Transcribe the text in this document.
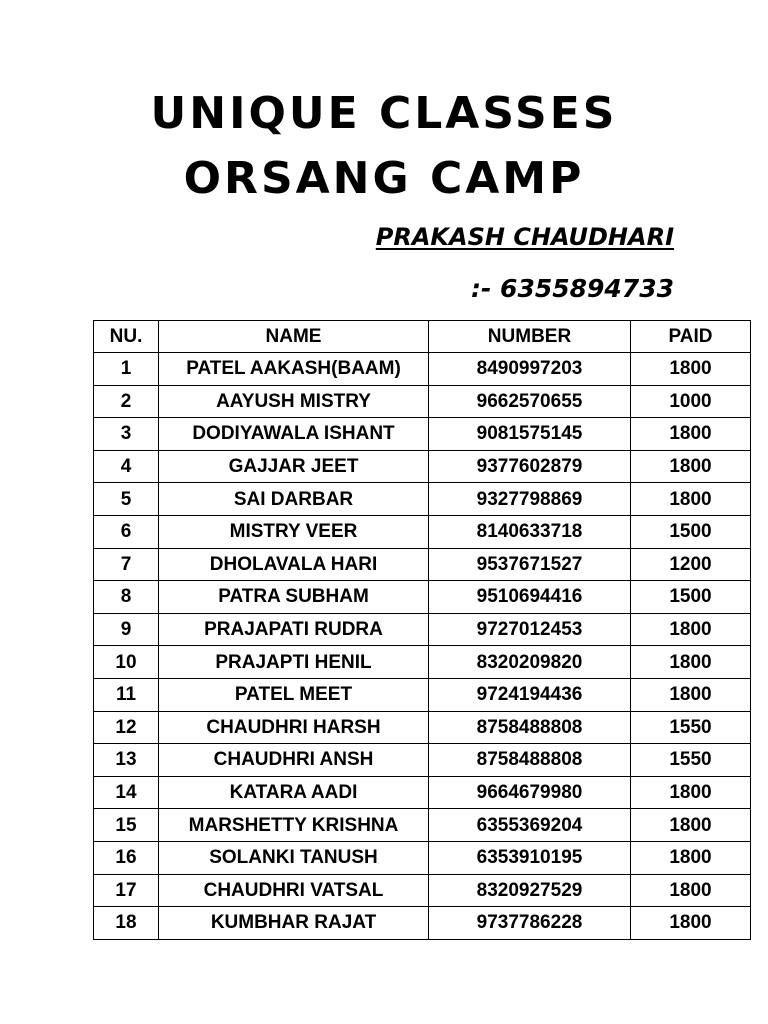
UNIQUE CLASSES
ORSANG CAMP
PRAKASH CHAUDHARI
:- 6355894733
NU.	NAME	NUMBER	PAID
1	PATEL AAKASH(BAAM)	8490997203	1800
2	AAYUSH MISTRY	9662570655	1000
3	DODIYAWALA ISHANT	9081575145	1800
4	GAJJAR JEET	9377602879	1800
5	SAI DARBAR	9327798869	1800
6	MISTRY VEER	8140633718	1500
7	DHOLAVALA HARI	9537671527	1200
8	PATRA SUBHAM	9510694416	1500
9	PRAJAPATI RUDRA	9727012453	1800
10	PRAJAPTI HENIL	8320209820	1800
11	PATEL MEET	9724194436	1800
12	CHAUDHRI HARSH	8758488808	1550
13	CHAUDHRI ANSH	8758488808	1550
14	KATARA AADI	9664679980	1800
15	MARSHETTY KRISHNA	6355369204	1800
16	SOLANKI TANUSH	6353910195	1800
17	CHAUDHRI VATSAL	8320927529	1800
18	KUMBHAR RAJAT	9737786228	1800
